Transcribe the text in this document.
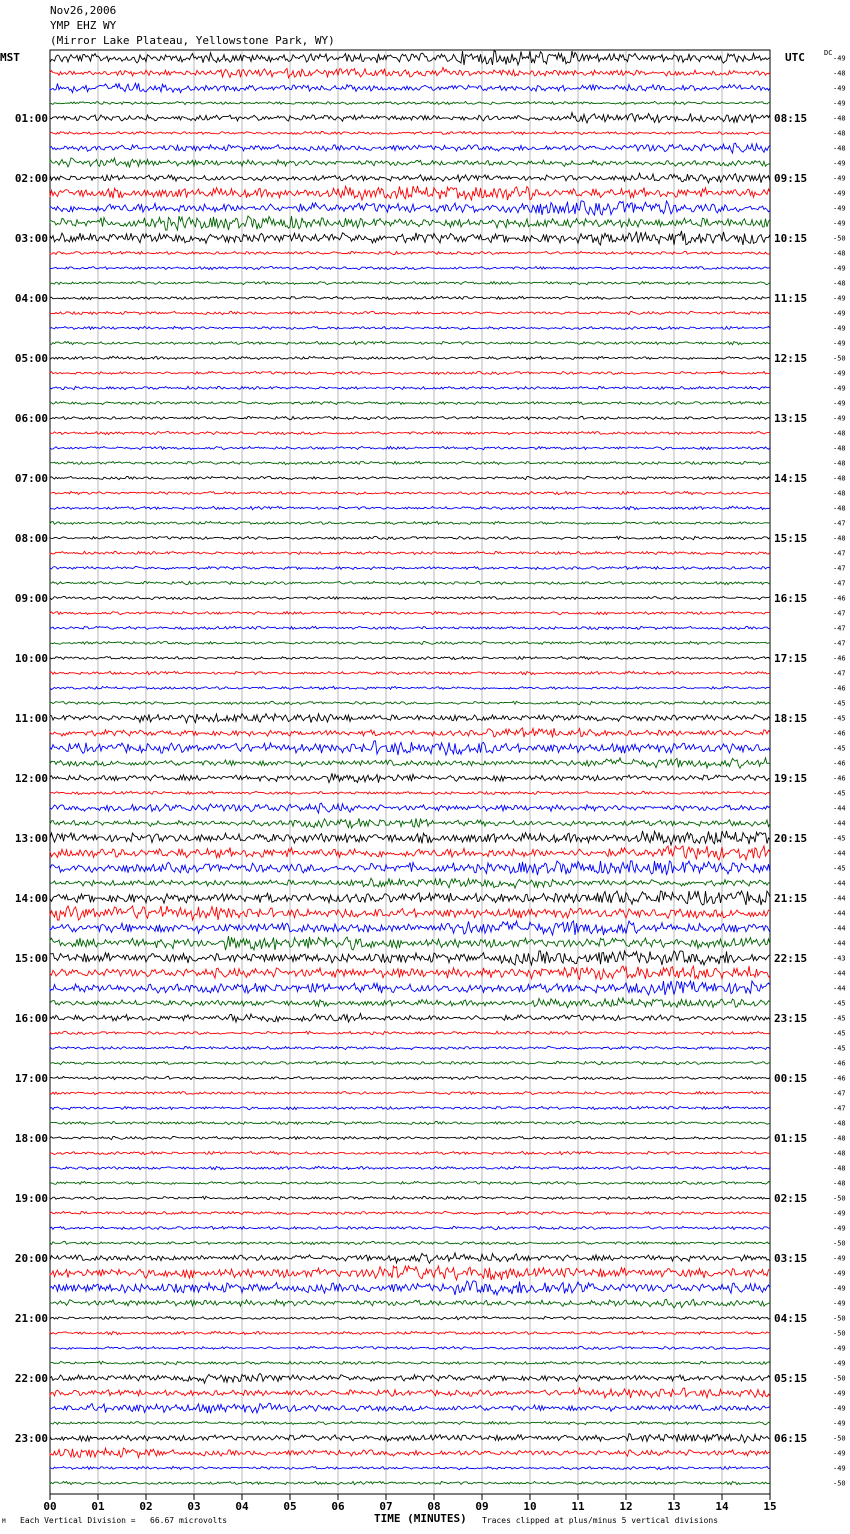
Nov26,2006
YMP EHZ WY
(Mirror Lake Plateau, Yellowstone Park, WY)
MST	UTC	DC
00	01	02	03	04	05	06	07	08	09	10	11	12	13	14	15
-49
-48
-49
-49
-48
-48
-48
-49
-49
-49
-49
-49
-50
-48
-49
-48
-49
-49
-49
-49
-50
-49
-49
-49
-49
-48
-48
-48
-48
-48
-48
-47
-48
-47
-47
-47
-46
-47
-47
-47
-46
-47
-46
-45
-45
-46
-45
-46
-46
-45
-44
-44
-45
-44
-45
-44
-44
-44
-44
-44
-43
-44
-44
-45
-45
-45
-45
-46
-46
-47
-47
-48
-48
-48
-48
-48
-50
-49
-49
-50
-49
-49
-49
-49
-50
-50
-49
-49
-50
-49
-49
-49
-50
-49
-49
-50
01:00	08:15
02:00	09:15
03:00	10:15
04:00	11:15
05:00	12:15
06:00	13:15
07:00	14:15
08:00	15:15
09:00	16:15
10:00	17:15
11:00	18:15
12:00	19:15
13:00	20:15
14:00	21:15
15:00	22:15
16:00	23:15
17:00	00:15
18:00	01:15
19:00	02:15
20:00	03:15
21:00	04:15
22:00	05:15
23:00	06:15
M Each Vertical Division =   66.67 microvolts	TIME (MINUTES) Traces clipped at plus/minus 5 vertical divisions
